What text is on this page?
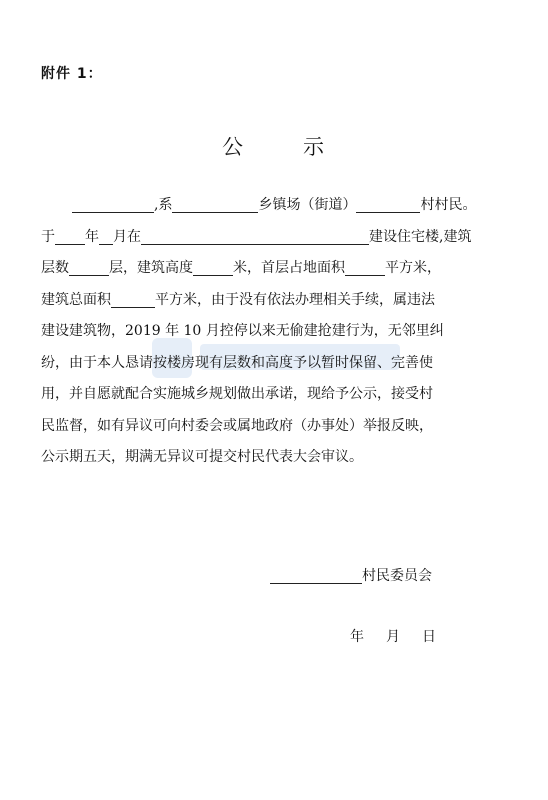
附件 1：
公	示
,系	乡镇场（街道）	村村民。
于 年 月在	建设住宅楼,建筑
层数	层，建筑高度	米，首层占地面积	平方米，
建筑总面积	平方米，由于没有依法办理相关手续，属违法
建设建筑物，2019 年 10 月控停以来无偷建抢建行为，无邻里纠
纷，由于本人恳请按楼房现有层数和高度予以暂时保留、完善使
用，并自愿就配合实施城乡规划做出承诺，现给予公示，接受村
民监督，如有异议可向村委会或属地政府（办事处）举报反映，
公示期五天，期满无异议可提交村民代表大会审议。
村民委员会
年 月 日
